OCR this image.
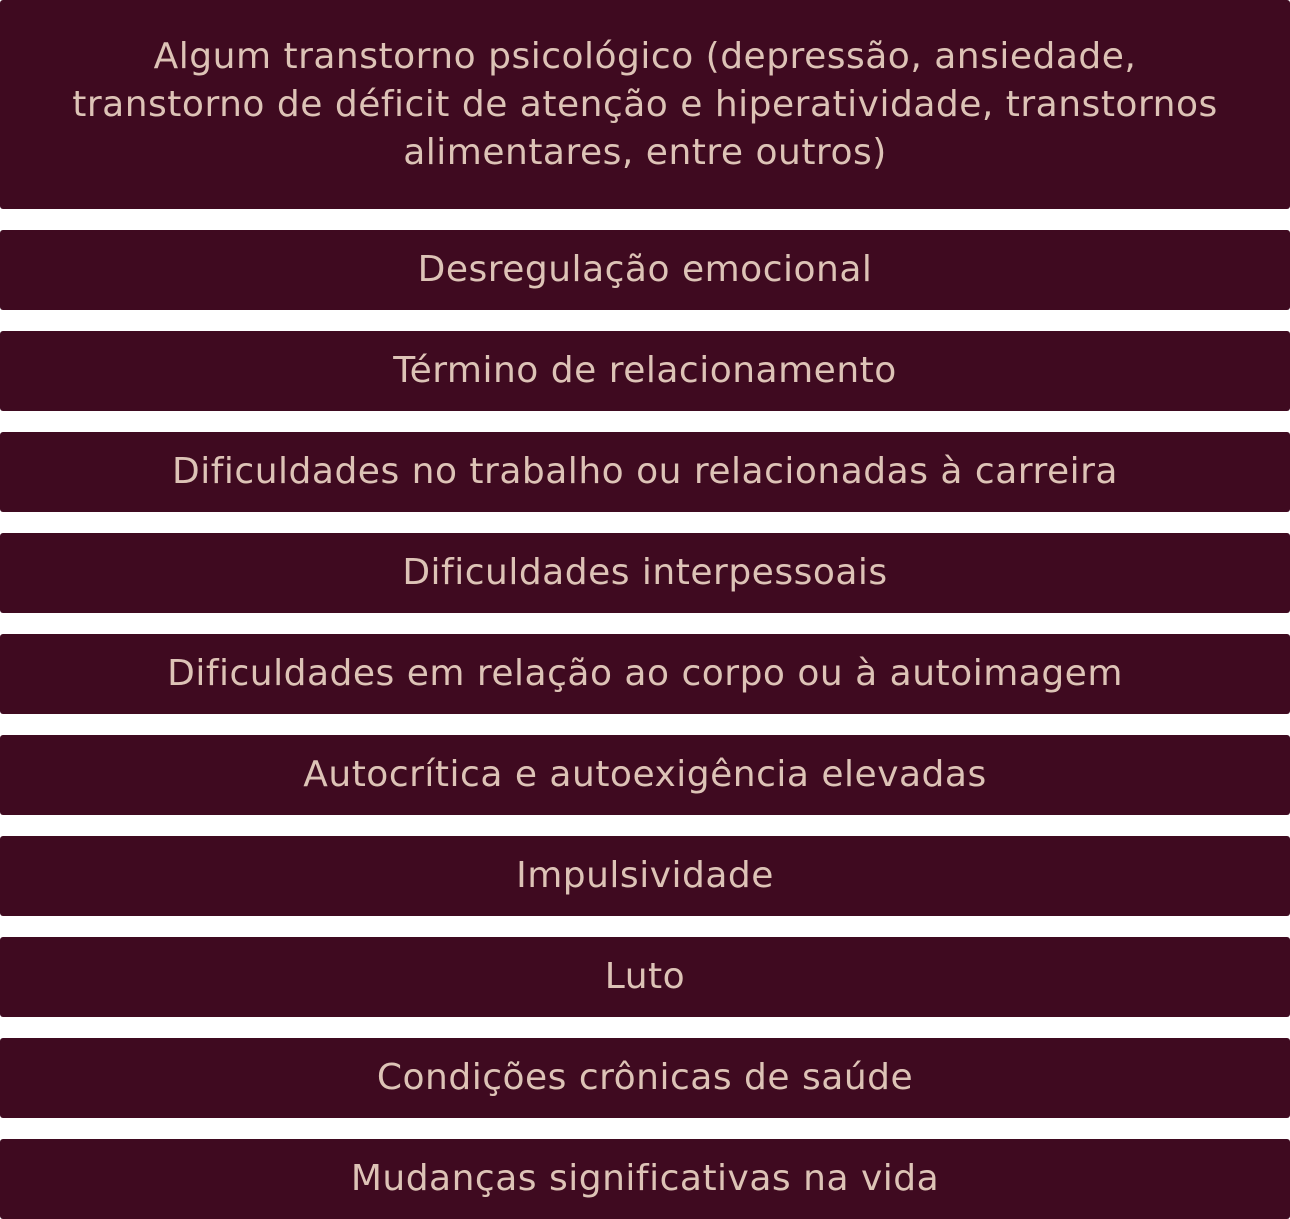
Algum transtorno psicológico (depressão, ansiedade, transtorno de déficit de atenção e hiperatividade, transtornos alimentares, entre outros)
Desregulação emocional
Término de relacionamento
Dificuldades no trabalho ou relacionadas à carreira
Dificuldades interpessoais
Dificuldades em relação ao corpo ou à autoimagem
Autocrítica e autoexigência elevadas
Impulsividade
Luto
Condições crônicas de saúde
Mudanças significativas na vida
